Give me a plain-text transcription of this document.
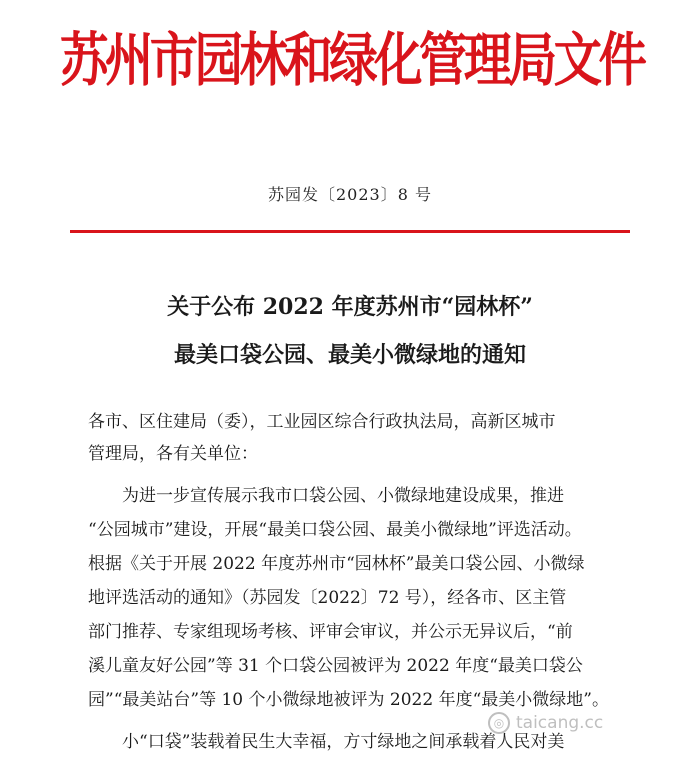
苏州市园林和绿化管理局文件
苏园发〔2023〕8 号
关于公布 2022 年度苏州市“园林杯”
最美口袋公园、最美小微绿地的通知
各市、区住建局（委），工业园区综合行政执法局，高新区城市
管理局，各有关单位：
　　为进一步宣传展示我市口袋公园、小微绿地建设成果，推进
“公园城市”建设，开展“最美口袋公园、最美小微绿地”评选活动。
根据《关于开展 2022 年度苏州市“园林杯”最美口袋公园、小微绿
地评选活动的通知》（苏园发〔2022〕72 号），经各市、区主管
部门推荐、专家组现场考核、评审会审议，并公示无异议后，“前
溪儿童友好公园”等 31 个口袋公园被评为 2022 年度“最美口袋公
园”“最美站台”等 10 个小微绿地被评为 2022 年度“最美小微绿地”。
　　小“口袋”装载着民生大幸福，方寸绿地之间承载着人民对美
◎ taicang.cc
